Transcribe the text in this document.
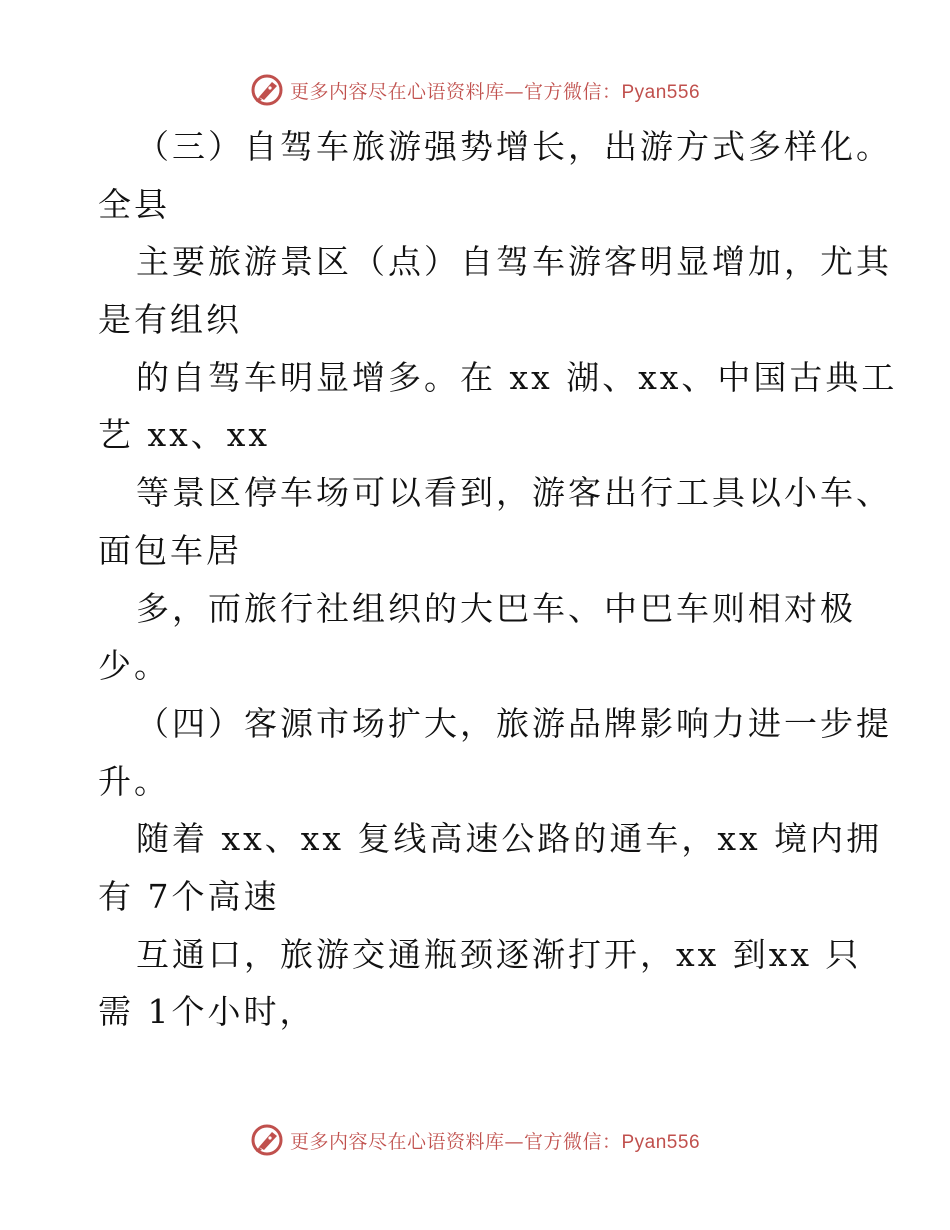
更多内容尽在心语资料库—官方微信：Pyan556
（三）自驾车旅游强势增长，出游方式多样化。
全县
主要旅游景区（点）自驾车游客明显增加，尤其
是有组织
的自驾车明显增多。在 xx 湖、xx、中国古典工
艺 xx、xx
等景区停车场可以看到，游客出行工具以小车、
面包车居
多，而旅行社组织的大巴车、中巴车则相对极
少。
（四）客源市场扩大，旅游品牌影响力进一步提
升。
随着 xx、xx 复线高速公路的通车，xx 境内拥
有 7个高速
互通口，旅游交通瓶颈逐渐打开，xx 到xx 只
需 1个小时，
更多内容尽在心语资料库—官方微信：Pyan556
